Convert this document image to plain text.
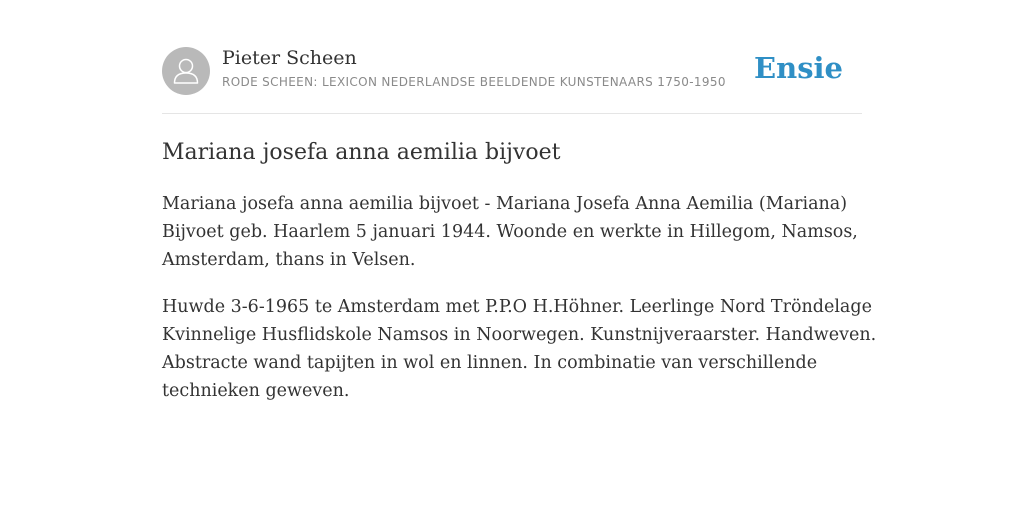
Pieter Scheen
RODE SCHEEN: LEXICON NEDERLANDSE BEELDENDE KUNSTENAARS 1750-1950 Ensie
Mariana josefa anna aemilia bijvoet

Mariana josefa anna aemilia bijvoet - Mariana Josefa Anna Aemilia (Mariana)
Bijvoet geb. Haarlem 5 januari 1944. Woonde en werkte in Hillegom, Namsos,
Amsterdam, thans in Velsen.

Huwde 3-6-1965 te Amsterdam met P.P.O H.Höhner. Leerlinge Nord Tröndelage
Kvinnelige Husflidskole Namsos in Noorwegen. Kunstnijveraarster. Handweven.
Abstracte wand tapijten in wol en linnen. In combinatie van verschillende
technieken geweven.
